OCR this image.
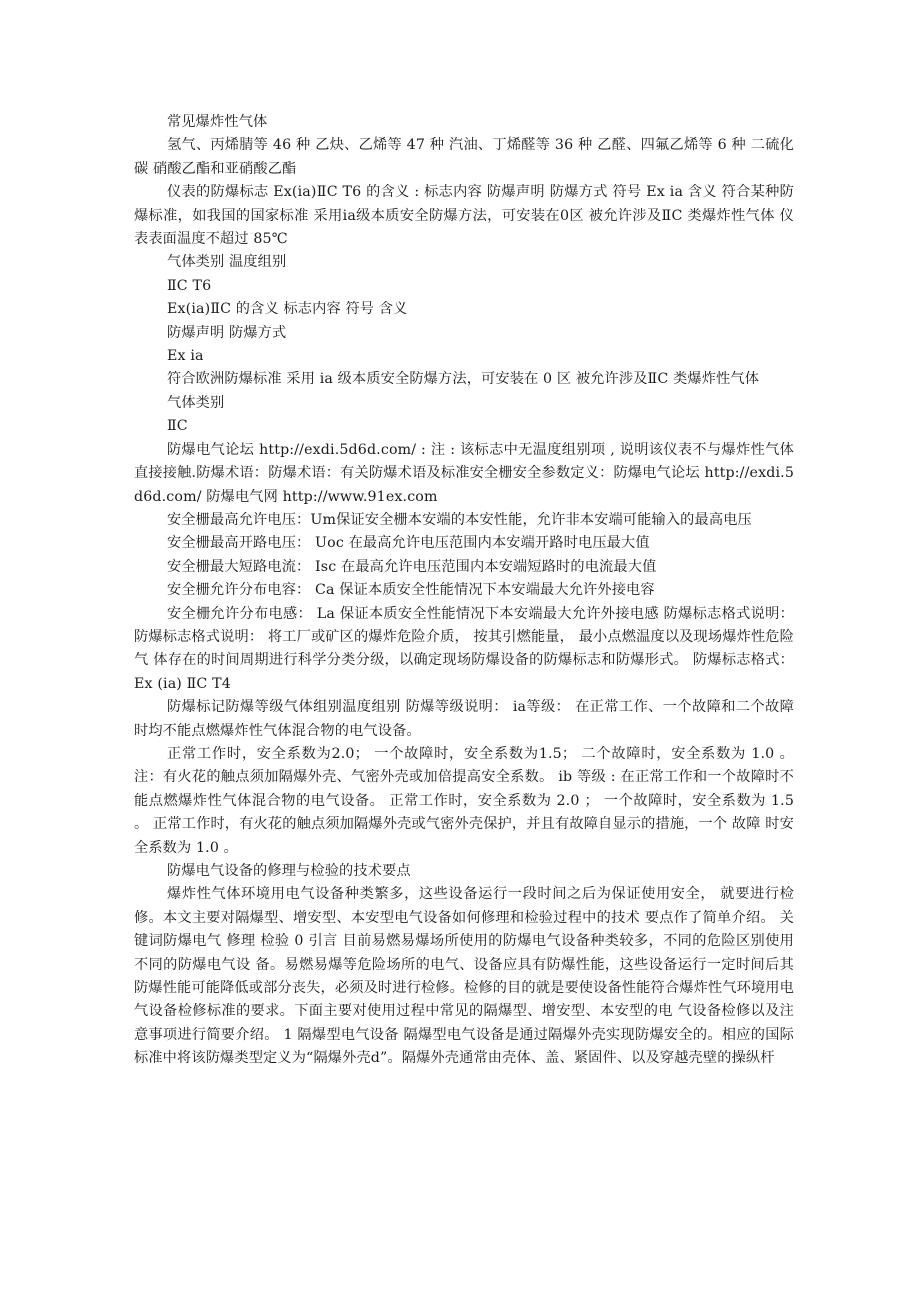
常见爆炸性气体

氢气、丙烯腈等 46 种 乙炔、乙烯等 47 种 汽油、丁烯醛等 36 种 乙醛、四氟乙烯等 6 种 二硫化碳 硝酸乙酯和亚硝酸乙酯

仪表的防爆标志 Ex(ia)ⅡC T6 的含义 : 标志内容 防爆声明 防爆方式 符号 Ex ia 含义 符合某种防爆标准，如我国的国家标准 采用ia级本质安全防爆方法，可安装在0区 被允许涉及ⅡC 类爆炸性气体 仪表表面温度不超过 85℃

气体类别 温度组别

ⅡC T6

Ex(ia)ⅡC 的含义 标志内容 符号 含义

防爆声明 防爆方式

Ex ia

符合欧洲防爆标准 采用 ia 级本质安全防爆方法，可安装在 0 区 被允许涉及ⅡC 类爆炸性气体

气体类别

ⅡC

防爆电气论坛 http://exdi.5d6d.com/ : 注 : 该标志中无温度组别项 , 说明该仪表不与爆炸性气体直接接触.防爆术语：防爆术语：有关防爆术语及标准安全栅安全参数定义：防爆电气论坛 http://exdi.5d6d.com/ 防爆电气网 http://www.91ex.com

安全栅最高允许电压：Um保证安全栅本安端的本安性能，允许非本安端可能输入的最高电压

安全栅最高开路电压： Uoc 在最高允许电压范围内本安端开路时电压最大值

安全栅最大短路电流： Isc 在最高允许电压范围内本安端短路时的电流最大值

安全栅允许分布电容： Ca 保证本质安全性能情况下本安端最大允许外接电容

安全栅允许分布电感： La 保证本质安全性能情况下本安端最大允许外接电感 防爆标志格式说明： 防爆标志格式说明： 将工厂或矿区的爆炸危险介质， 按其引燃能量， 最小点燃温度以及现场爆炸性危险气 体存在的时间周期进行科学分类分级，以确定现场防爆设备的防爆标志和防爆形式。 防爆标志格式： Ex (ia) ⅡC T4

防爆标记防爆等级气体组别温度组别 防爆等级说明： ia等级： 在正常工作、一个故障和二个故障时均不能点燃爆炸性气体混合物的电气设备。

正常工作时，安全系数为2.0； 一个故障时，安全系数为1.5； 二个故障时，安全系数为 1.0 。 注：有火花的触点须加隔爆外壳、气密外壳或加倍提高安全系数。 ib 等级 : 在正常工作和一个故障时不能点燃爆炸性气体混合物的电气设备。 正常工作时，安全系数为 2.0 ； 一个故障时，安全系数为 1.5 。 正常工作时，有火花的触点须加隔爆外壳或气密外壳保护，并且有故障自显示的措施，一个 故障 时安全系数为 1.0 。

防爆电气设备的修理与检验的技术要点

爆炸性气体环境用电气设备种类繁多，这些设备运行一段时间之后为保证使用安全， 就要进行检修。本文主要对隔爆型、增安型、本安型电气设备如何修理和检验过程中的技术 要点作了简单介绍。 关键词防爆电气 修理 检验 0 引言 目前易燃易爆场所使用的防爆电气设备种类较多，不同的危险区别使用不同的防爆电气设 备。易燃易爆等危险场所的电气、设备应具有防爆性能，这些设备运行一定时间后其防爆性能可能降低或部分丧失，必须及时进行检修。检修的目的就是要使设备性能符合爆炸性气环境用电气设备检修标准的要求。下面主要对使用过程中常见的隔爆型、增安型、本安型的电 气设备检修以及注意事项进行简要介绍。 1 隔爆型电气设备 隔爆型电气设备是通过隔爆外壳实现防爆安全的。相应的国际标准中将该防爆类型定义为“隔爆外壳d”。隔爆外壳通常由壳体、盖、紧固件、以及穿越壳壁的操纵杆
